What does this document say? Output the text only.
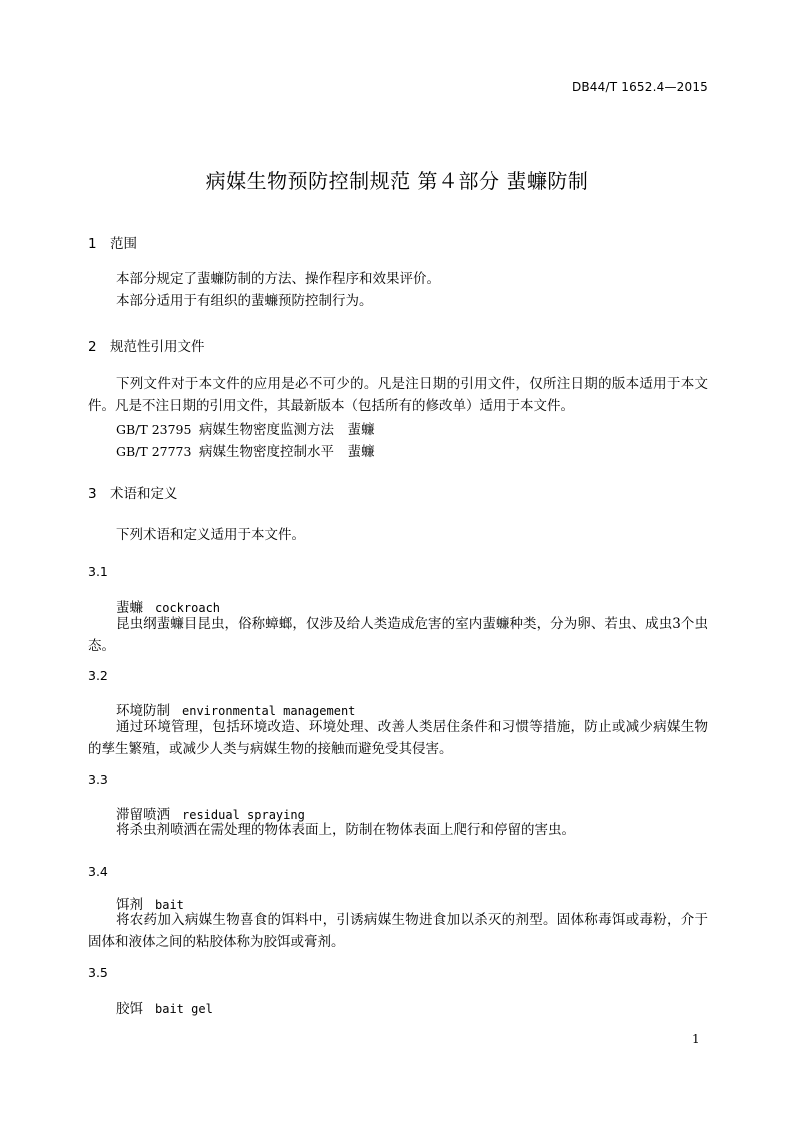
DB44/T 1652.4—2015
病媒生物预防控制规范 第４部分 蜚蠊防制
1 范围
本部分规定了蜚蠊防制的方法、操作程序和效果评价。
本部分适用于有组织的蜚蠊预防控制行为。
2 规范性引用文件
下列文件对于本文件的应用是必不可少的。凡是注日期的引用文件，仅所注日期的版本适用于本文件。凡是不注日期的引用文件，其最新版本（包括所有的修改单）适用于本文件。
GB/T 23795 病媒生物密度监测方法　蜚蠊
GB/T 27773 病媒生物密度控制水平　蜚蠊
3 术语和定义
下列术语和定义适用于本文件。
3.1
蜚蠊 cockroach
昆虫纲蜚蠊目昆虫，俗称蟑螂，仅涉及给人类造成危害的室内蜚蠊种类，分为卵、若虫、成虫3个虫态。
3.2
环境防制 environmental management
通过环境管理，包括环境改造、环境处理、改善人类居住条件和习惯等措施，防止或减少病媒生物的孳生繁殖，或减少人类与病媒生物的接触而避免受其侵害。
3.3
滞留喷洒 residual spraying
将杀虫剂喷洒在需处理的物体表面上，防制在物体表面上爬行和停留的害虫。
3.4
饵剂 bait
将农药加入病媒生物喜食的饵料中，引诱病媒生物进食加以杀灭的剂型。固体称毒饵或毒粉，介于固体和液体之间的粘胶体称为胶饵或膏剂。
3.5
胶饵 bait gel
1
